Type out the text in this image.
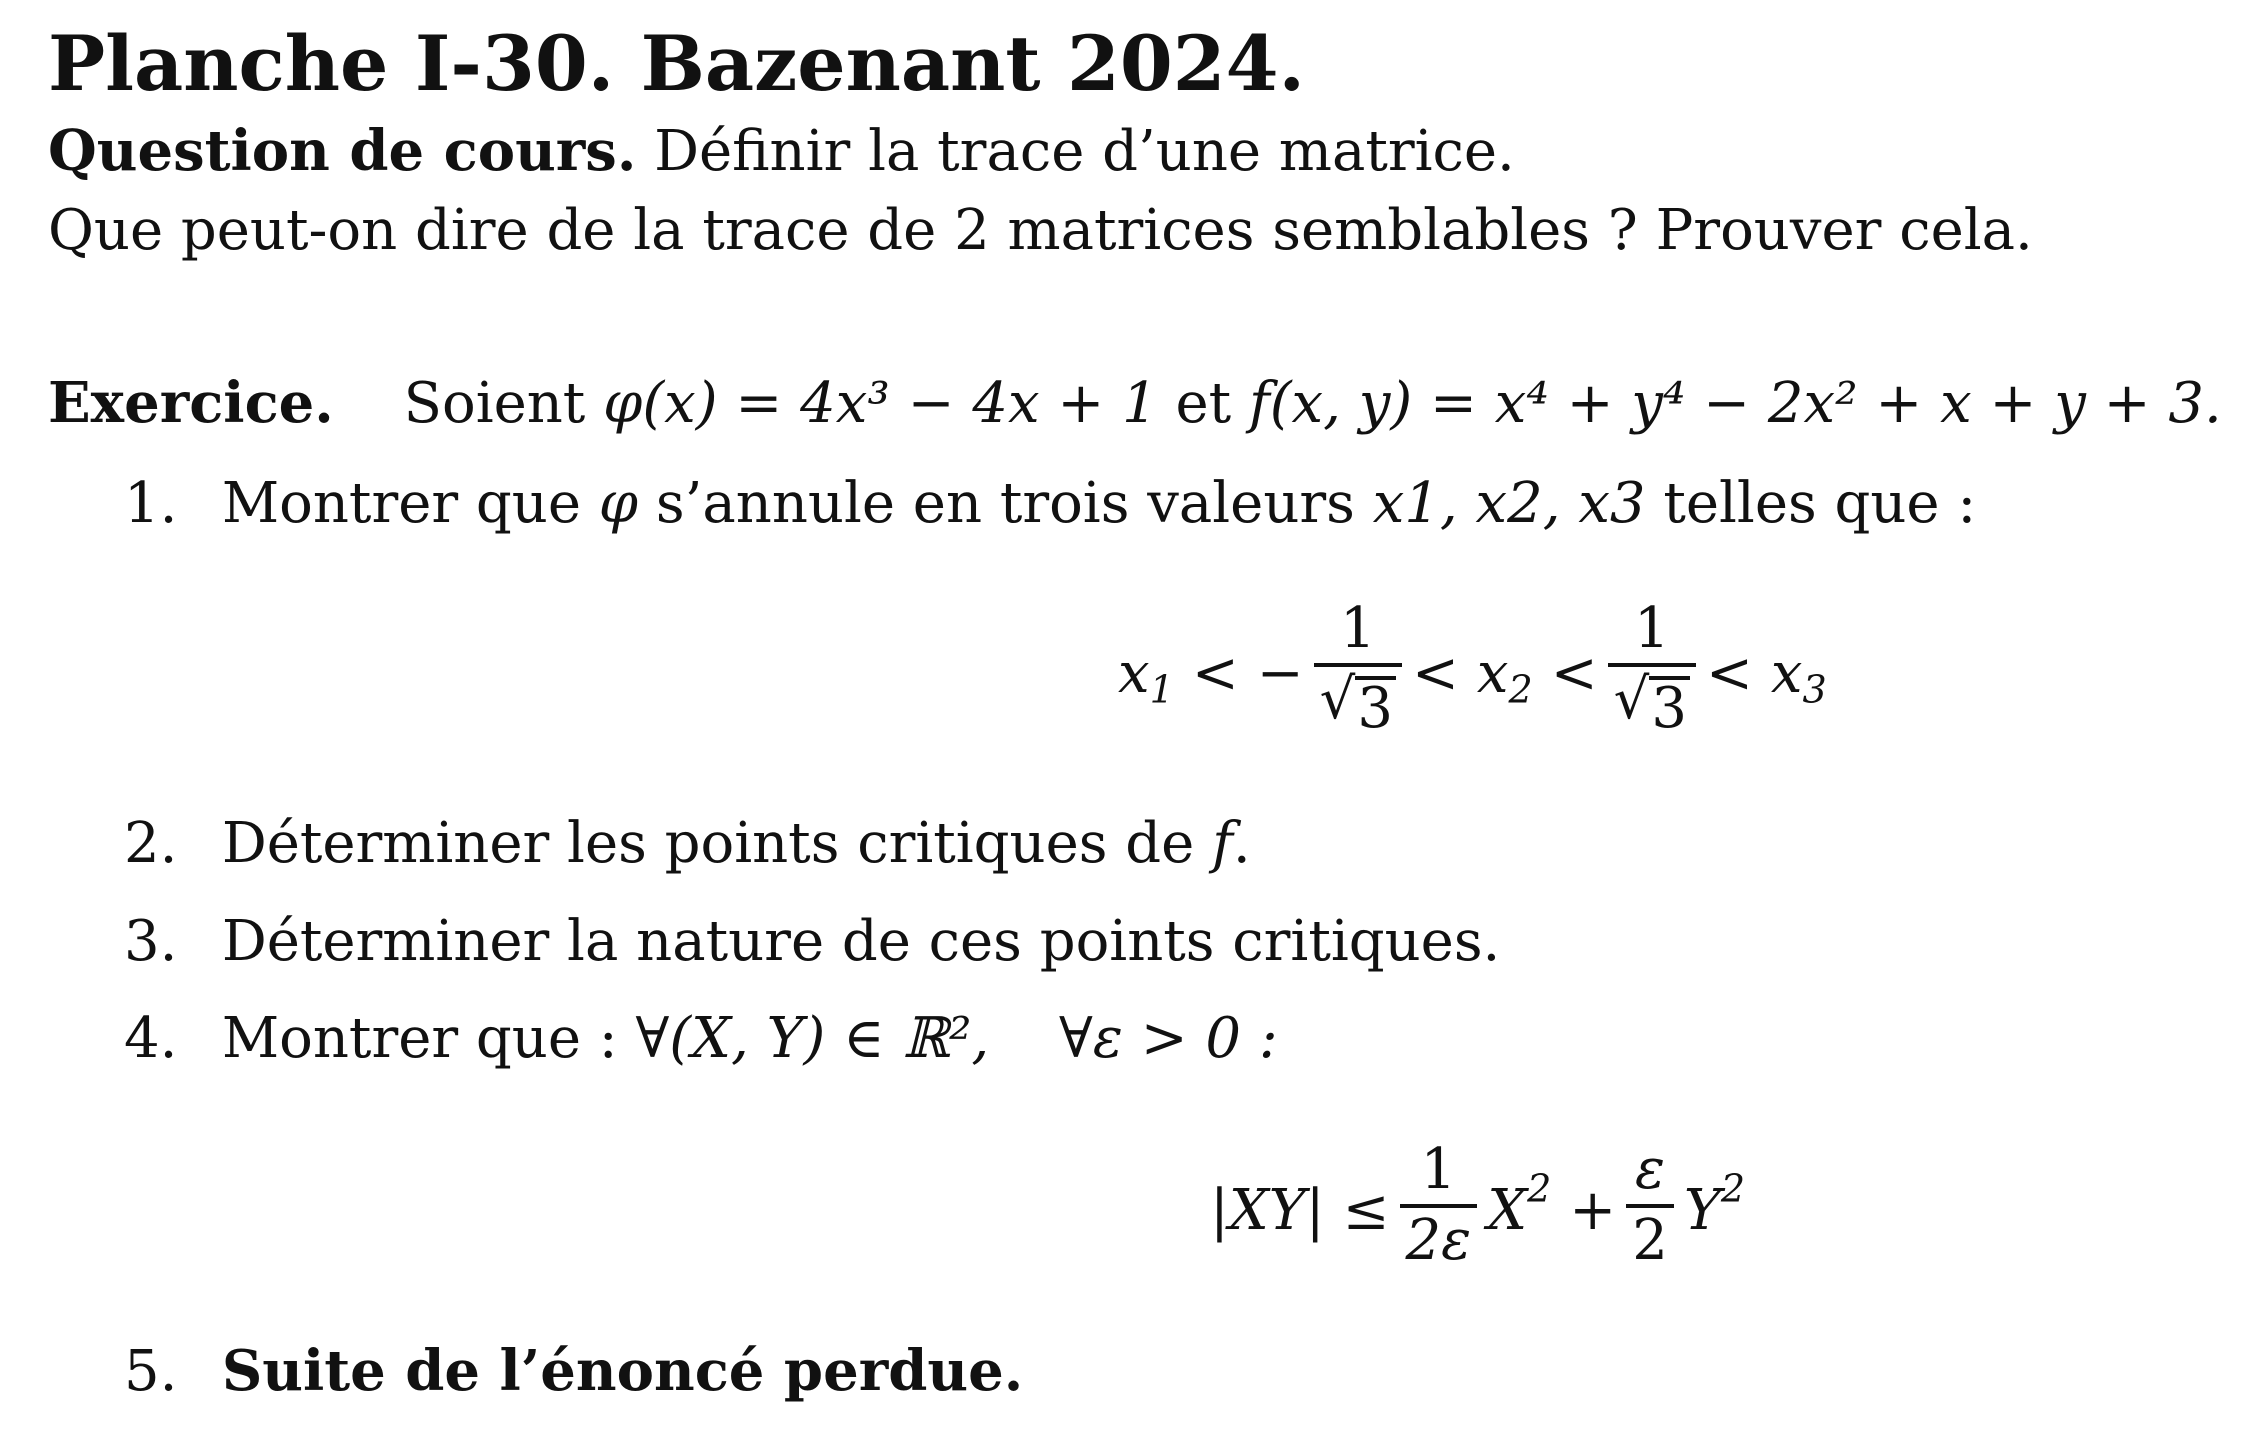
Planche I-30. Bazenant 2024.
Question de cours. Définir la trace d’une matrice.
Que peut-on dire de la trace de 2 matrices semblables ? Prouver cela.
Exercice. Soient φ(x) = 4x³ − 4x + 1 et f(x, y) = x⁴ + y⁴ − 2x² + x + y + 3.
1. Montrer que φ s’annule en trois valeurs x1, x2, x3 telles que :
$x_1$ < − $\frac{1}{√ 3} < x_2 < \frac{1}{√ 3} < x_3$
2. Déterminer les points critiques de f.
3. Déterminer la nature de ces points critiques.
4. Montrer que : ∀(X, Y) ∈ ℝ², ∀ε > 0 :
$|XY| \le \frac{1}{2\varepsilon} X^2 + \frac{\varepsilon}{2} Y^2$
5. Suite de l’énoncé perdue.
